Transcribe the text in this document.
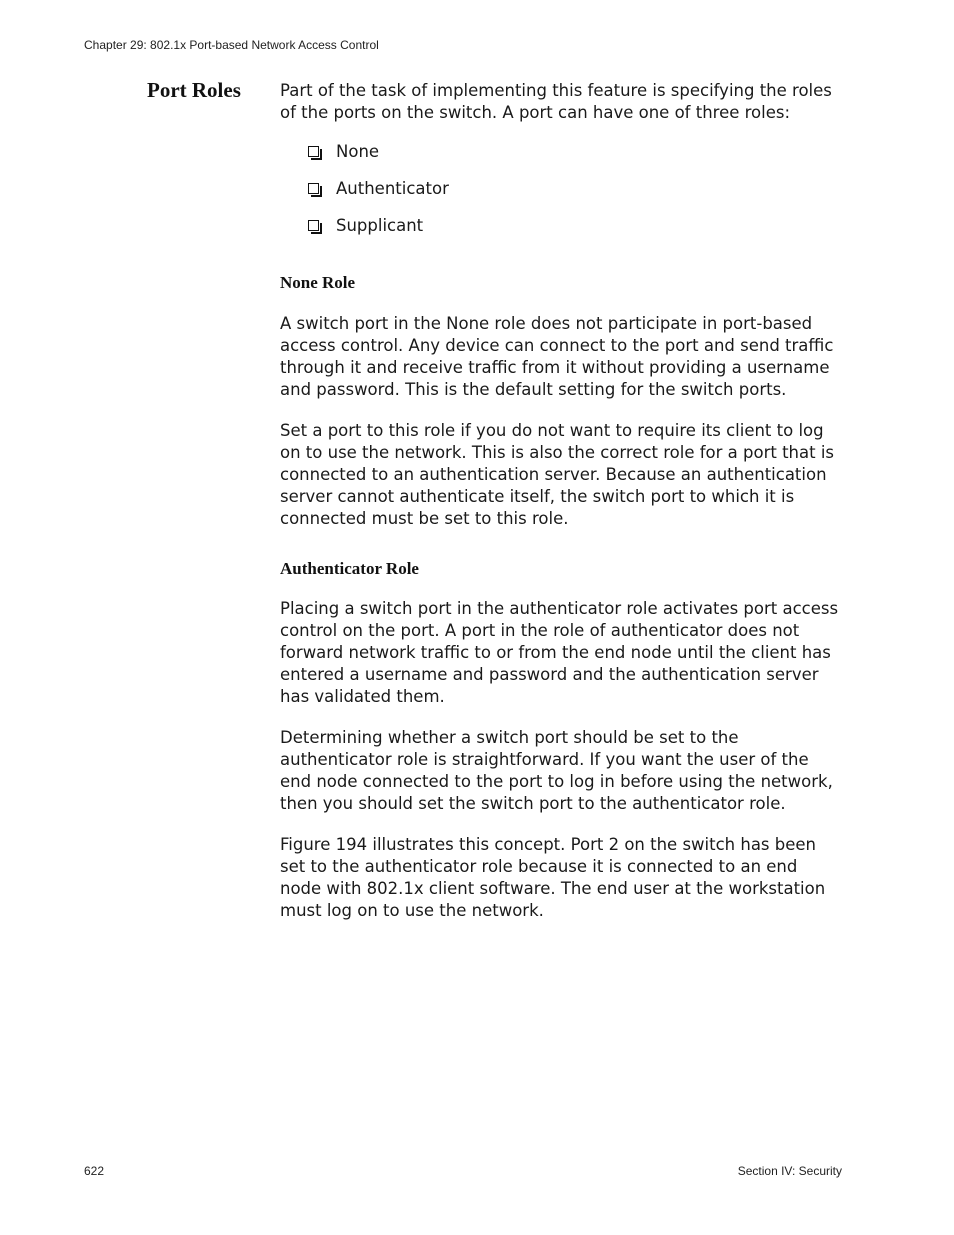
Chapter 29: 802.1x Port-based Network Access Control
Port Roles Part of the task of implementing this feature is specifying the roles of the ports on the switch. A port can have one of three roles:

None
Authenticator
Supplicant

None Role

A switch port in the None role does not participate in port-based access control. Any device can connect to the port and send traffic through it and receive traffic from it without providing a username and password. This is the default setting for the switch ports.

Set a port to this role if you do not want to require its client to log on to use the network. This is also the correct role for a port that is connected to an authentication server. Because an authentication server cannot authenticate itself, the switch port to which it is connected must be set to this role.

Authenticator Role

Placing a switch port in the authenticator role activates port access control on the port. A port in the role of authenticator does not forward network traffic to or from the end node until the client has entered a username and password and the authentication server has validated them.

Determining whether a switch port should be set to the authenticator role is straightforward. If you want the user of the end node connected to the port to log in before using the network, then you should set the switch port to the authenticator role.

Figure 194 illustrates this concept. Port 2 on the switch has been set to the authenticator role because it is connected to an end node with 802.1x client software. The end user at the workstation must log on to use the network.

622	Section IV: Security
